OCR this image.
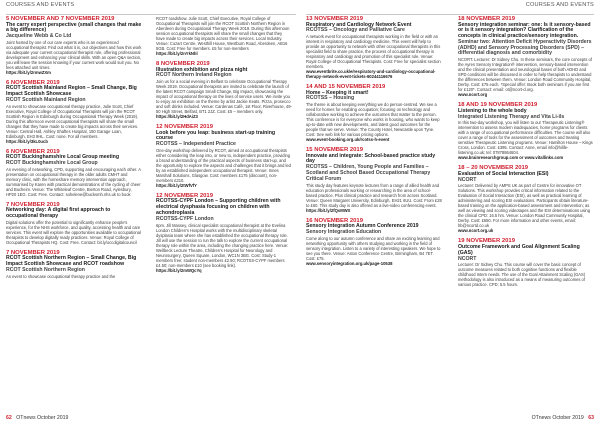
COURSES AND EVENTS	COURSES AND EVENTS
5 NOVEMBER AND 7 NOVEMBER 2019
The carry expert perspective (small changes that make a big difference)
Jacqueline Webb & Co Ltd
Joint hosted by one of our care experts who is an experienced occupational therapist. Find out what it is, our objectives and how this work via adequate your current occupational therapist role, offering professional development and enhancing your clinical skills. With an open Q&A section, you will leave the session knowing if your current work would suit you. No fees attached unit times.
https://bit.ly/2rmwZXm
6 NOVEMBER 2019
RCOT Scottish Mainland Region – Small Change, Big Impact Scottish Showcase
RCOT Scottish Mainland Region
An event to showcase occupational therapy practice, Julie Scott, Chief Executive, Royal College of Occupational Therapists will join the RCOT Scottish Region in Edinburgh during Occupational Therapy Week (2019). During this afternoon event occupational therapists will share the small changes that they have made to create big impacts across their services. Venue: Central Hall, Ashley Shaftes Hospital, 150 Garage Loan, Edinburgh, EH3 9HL. Cost: none. For all members.
https://bit.ly/3kL0ucb
6 NOVEMBER 2019
RCOT Buckinghamshire Local Group meeting
RCOT Buckinghamshire Local Group
An evening of networking, CPD, supporting and encouraging each other. A presentation on occupational therapy in the older adults CMHT and memory clinic, with the homeshare memory intervention approach, summarised by Karen with practical demonstrations of the cycling of cheer and Bucheim. Venue: The Whiteleaf Centre, Bierton Road, Aylesbury, HP20 1EG. Cost: Free. Contact: sohelene@bucksmh.nhs.uk to book
7 NOVEMBER 2019
Networking day: A digital first approach to occupational therapy
Digital solutions offer the potential to significantly enhance people's experience, for the NHS workforce, and quality, accessing health and care services. This event will explore the opportunities available to occupational therapists to develop digitally ready practices. Venue: Royal College of Occupational Therapists HQ. Cost: Free. Contact: bit.ly/occdigitalcouncil
7 NOVEMBER 2019
RCOT Scottish Northern Region – Small Change, Big Impact Scottish Showcase and RCOT roadshow
RCOT Scottish Northern Region
An event to showcase occupational therapy practice and the
RCOT roadshow. Julie Scott, Chief Executive, Royal College of Occupational Therapists will join the RCOT Scottish Northern Region in Aberdeen during Occupational Therapy Week 2019. During this afternoon session occupational therapists will share the small changes that they have made to create big impacts across their services. Local Industry. Venue: Cozart Centre, Westhill House, Westburn Road, Aberdeen, AB16 5GB. Cost: Free for members. £5 for non-members
https://bit.ly/2nYkNhl
8 NOVEMBER 2019
Illustration exhibition and pizza night
RCOT Northern Ireland Region
Join us for a social evening in Belfast to celebrate Occupational Therapy Week 2019. Occupational therapists are invited to celebrate the launch of the latest RCOT campaign Small Change, Big Impact, showcasing the impact of occupational therapy on the lives of service users. We invite you to enjoy an exhibition on the theme by artist Jackie Keats. Pizza, prosecco and soft drinks included. Venue: Cardenas Café, 1st Floor, Riverhouse, 49-50 High Street, Belfast, BT1 2JZ. Cost: £5 – members only.
https://bit.ly/2HdAiZ3
12 NOVEMBER 2019
Look before you leap: business start-up training course
RCOTSS – Independent Practice
One-day workshop delivered by RCOT, aimed at occupational therapists either considering the leap into, or new to, independent practice, providing a broad understanding of the practical aspects of business start-up, and the opportunity to explore the aspects and challenges that it brings and led by an established independent occupational therapist. Venue: Innes Marshall Solutions, Glasgow. Cost: members £175 (discount), non-members £210.
https://bit.ly/2tWfVfY
12 NOVEMBER 2019
RCOTSS-CYPF London – Supporting children with electrical dysphasia focusing on children with achondroplasia
RCOTSS-CYPF London
6pm. Jill Massey, clinical specialist occupational therapist at the Evelina London Children's Hospital works with the multidisciplinary skeletal dysplasia team where she has established the occupational therapy role. Jill will use the session to run the talk to explore the current occupational therapy role within the area, including the changing practice here. Venue: Wellbeck Lecture Theatre, Children's Hospital for Neurology and Neurosurgery, Queen Square, London, WC1N 3BG. Cost: Study-1 members free; student non-members £2.50; RCOTSS-CYPF members £4.50; non-members £10 (see booking link).
https://bit.ly/2mWQcYq
13 NOVEMBER 2019
Respiratory and Cardiology Network Event
RCOTSS – Oncology and Palliative Care
A network event for occupational therapists working in the field or with an interest in respiratory and cardiology medicine. This event will help to provide an opportunity to network with other occupational therapists in this specialist field to share practice, the process of occupational therapy in respiratory and cardiology and promotion of this specialist role. Venue: Royal College of Occupational Therapists. Cost: Free for specialist section members.
www.eventbrite.co.uk/e/respiratory-and-cardiology-occupational-therapy-network-event-tickets-60244116676
14 AND 15 NOVEMBER 2019
Home – Keeping it smart!
RCOTSS – Housing
The theme is about keeping everything we do person-centred. We see a need for homes for enabling occupation; focusing on technology and collaborative working to achieve the outcomes that matter to the person. This conference is for everyone who works in housing, who wants to keep up-to-date with new developments, and latest good outcomes for the people that we serve. Venue: The County Hotel, Newcastle upon Tyne. Cost: See web link for various pricing options.
www.event-booking.org.uk/rcotss-h-event
15 NOVEMBER 2019
Innovate and integrate: School-based practice study day
RCOTSS – Children, Young People and Families – Scotland and School Based Occupational Therapy Critical Forum
This study day features keynote lectures from a range of allied health and education professionals working or researching in the area of school-based practice. Plus clinical practice and research from across Scotland. Venue: Queen Margaret University, Edinburgh, EH21 6UU. Cost: From £28 to £60. This study day is also offered as a live-video conferencing event.
https://bit.ly/2fQsMWX
16 NOVEMBER 2019
Sensory Integration Autumn Conference 2019
Sensory Integration Education
Come along to our autumn conference and share an exciting learning and networking opportunity with others studying and working in the field of sensory integration. Listen to a variety of interesting speakers. We hope to see you there. Venue: Aston Conference Centre, Birmingham, B4 7ET. Cost: £75.
www.sensoryintegration.org.uk/page-10538
18 NOVEMBER 2019
Sensory integration seminar: one: Is it sensory-based or is it sensory integration? Clarification of the concepts in clinical practice/sensory integration.
Seminar two: Attention Deficit Hyperactivity Disorders (ADHD) and Sensory Processing Disorders (SPD) – differential diagnosis and comorbidity
NCORT. Lecturer: Dr Sidney Chu. In these seminars, the core concepts of the Ayres Sensory Integration® intervention, sensory-based intervention and the clinical presentation and neurological bases of both ADHD and SPD conditions will be discussed in order to help therapists to understand the differences between them. Venue: London Road Community Hospital, Derby. Cost: £75 each. *Special offer: Book both seminars if you are first for £120*. Contact: email: ot@ncort-d.org.
www.ncort.org
18 AND 19 NOVEMBER 2019
Listening to the whole body
Integrated Listening Therapy and Vita Li-ils
In this two-day workshop, you will listen to our Therapeutic Listening® intervention to assess modern inadequacies, home programs for clients with a range of occupational performance difficulties. The course will also cover a range of tools for the assessment of outcomes and treating sensitive Therapeutic Listening programs. Venue: Hamilton House – Kings Cross, London. Cost: £395. Contact: Anne, email info@hilife-listening.co.uk; tel: 07878864604.
www.brainresearchgroup.com or www.vitallinks.com
18 – 20 NOVEMBER 2019
Evaluation of Social Interaction (ESI)
NCORT
Lecturer: Delivered by AMPS UK as part of Centre for innovative OT Solutions. This workshop provides critical information related to the Evaluation of Social Interaction (ESI), as well as practical learning of administering and scoring ESI evaluations. Participants obtain literature-based training on the application-based assessment and intervention; as well as viewing and scoring videotapes and the ESI determinations using the clinical CPD: 16.5 hrs. Venue: London Road Community Hospital, Derby. Cost: £650. For more information and other events, email: hb@ncortd.co.uk
www.ncort.org.uk
19 NOVEMBER 2019
Outcome Framework and Goal Alignment Scaling (GAS)
NCORT
Lecturer: Dr Sidney Chu. This course will cover the basic concept of outcome measures related to both cognitive functions and flexible childhood Intern needs. The use of the Goal Attainment Scaling (GAS) methodology is also introduced as a means of measuring outcomes of various practice. CPD: 5.5 hours.
62 OTnews October 2019	OTnews October 2019 63
